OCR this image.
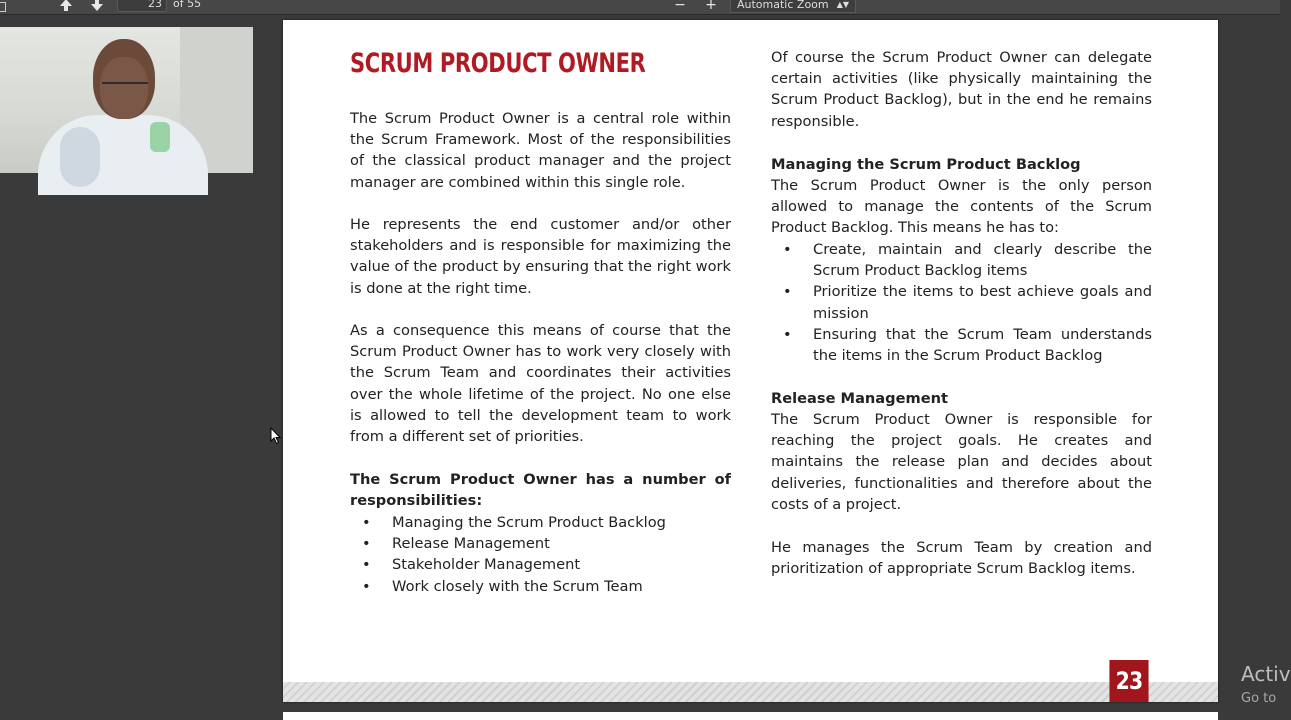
23	of 55	−	+	Automatic Zoom ▲▼
SCRUM PRODUCT OWNER

The Scrum Product Owner is a central role within the Scrum Framework. Most of the responsibilities of the classical product manager and the project manager are combined within this single role.

He represents the end customer and/or other stakeholders and is responsible for maximizing the value of the product by ensuring that the right work is done at the right time.

As a consequence this means of course that the Scrum Product Owner has to work very closely with the Scrum Team and coordinates their activities over the whole lifetime of the project. No one else is allowed to tell the development team to work from a different set of priorities.

The Scrum Product Owner has a number of responsibilities:

• Managing the Scrum Product Backlog
• Release Management
• Stakeholder Management
• Work closely with the Scrum Team

Of course the Scrum Product Owner can delegate certain activities (like physically maintaining the Scrum Product Backlog), but in the end he remains responsible.

Managing the Scrum Product Backlog

The Scrum Product Owner is the only person allowed to manage the contents of the Scrum Product Backlog. This means he has to:

• Create, maintain and clearly describe the Scrum Product Backlog items
• Prioritize the items to best achieve goals and mission
• Ensuring that the Scrum Team understands the items in the Scrum Product Backlog

Release Management

The Scrum Product Owner is responsible for reaching the project goals. He creates and maintains the release plan and decides about deliveries, functionalities and therefore about the costs of a project.

He manages the Scrum Team by creation and prioritization of appropriate Scrum Backlog items.

23	Activ
Go to
